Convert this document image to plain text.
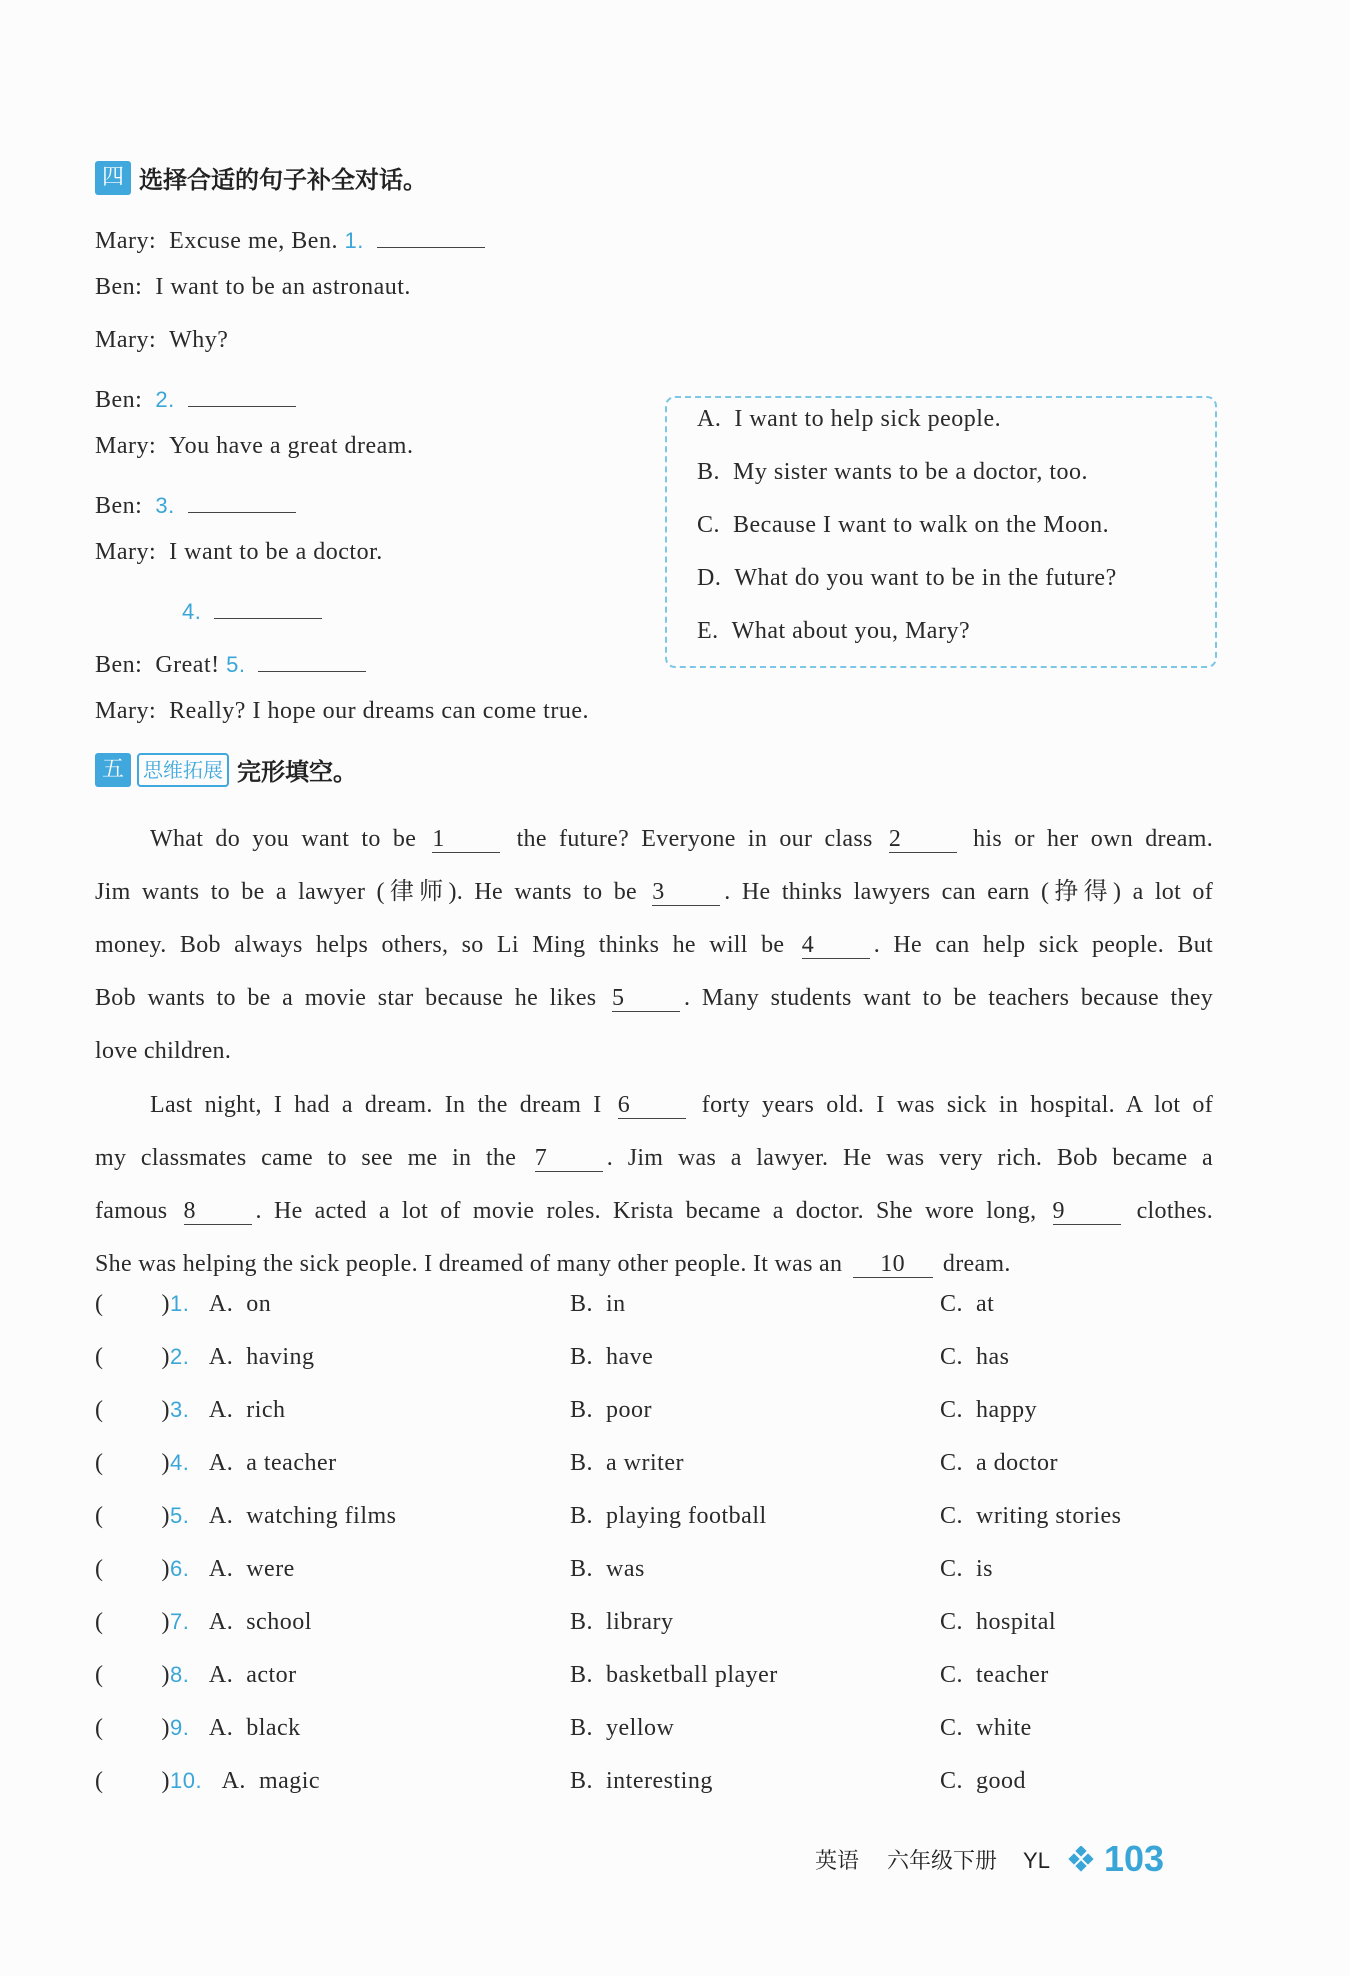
四 选择合适的句子补全对话。
Mary: Excuse me, Ben. 1.
Ben: I want to be an astronaut.
Mary: Why?
Ben: 2.
Mary: You have a great dream.
Ben: 3.
Mary: I want to be a doctor.
4.
Ben: Great! 5.
Mary: Really? I hope our dreams can come true.
A. I want to help sick people.
B. My sister wants to be a doctor, too.
C. Because I want to walk on the Moon.
D. What do you want to be in the future?
E. What about you, Mary?
五 思维拓展 完形填空。
What do you want to be 1 the future? Everyone in our class 2 his or her own dream.
Jim wants to be a lawyer (律师). He wants to be 3 . He thinks lawyers can earn (挣得) a lot of
money. Bob always helps others, so Li Ming thinks he will be 4 . He can help sick people. But
Bob wants to be a movie star because he likes 5 . Many students want to be teachers because they
love children.
Last night, I had a dream. In the dream I 6 forty years old. I was sick in hospital. A lot of
my classmates came to see me in the 7 . Jim was a lawyer. He was very rich. Bob became a
famous 8 . He acted a lot of movie roles. Krista became a doctor. She wore long, 9 clothes.
She was helping the sick people. I dreamed of many other people. It was an 10 dream.
( )1. A. on	B. in	C. at
( )2. A. having	B. have	C. has
( )3. A. rich	B. poor	C. happy
( )4. A. a teacher	B. a writer	C. a doctor
( )5. A. watching films	B. playing football	C. writing stories
( )6. A. were	B. was	C. is
( )7. A. school	B. library	C. hospital
( )8. A. actor	B. basketball player	C. teacher
( )9. A. black	B. yellow	C. white
( )10. A. magic	B. interesting	C. good
英语 六年级下册 YL 103
